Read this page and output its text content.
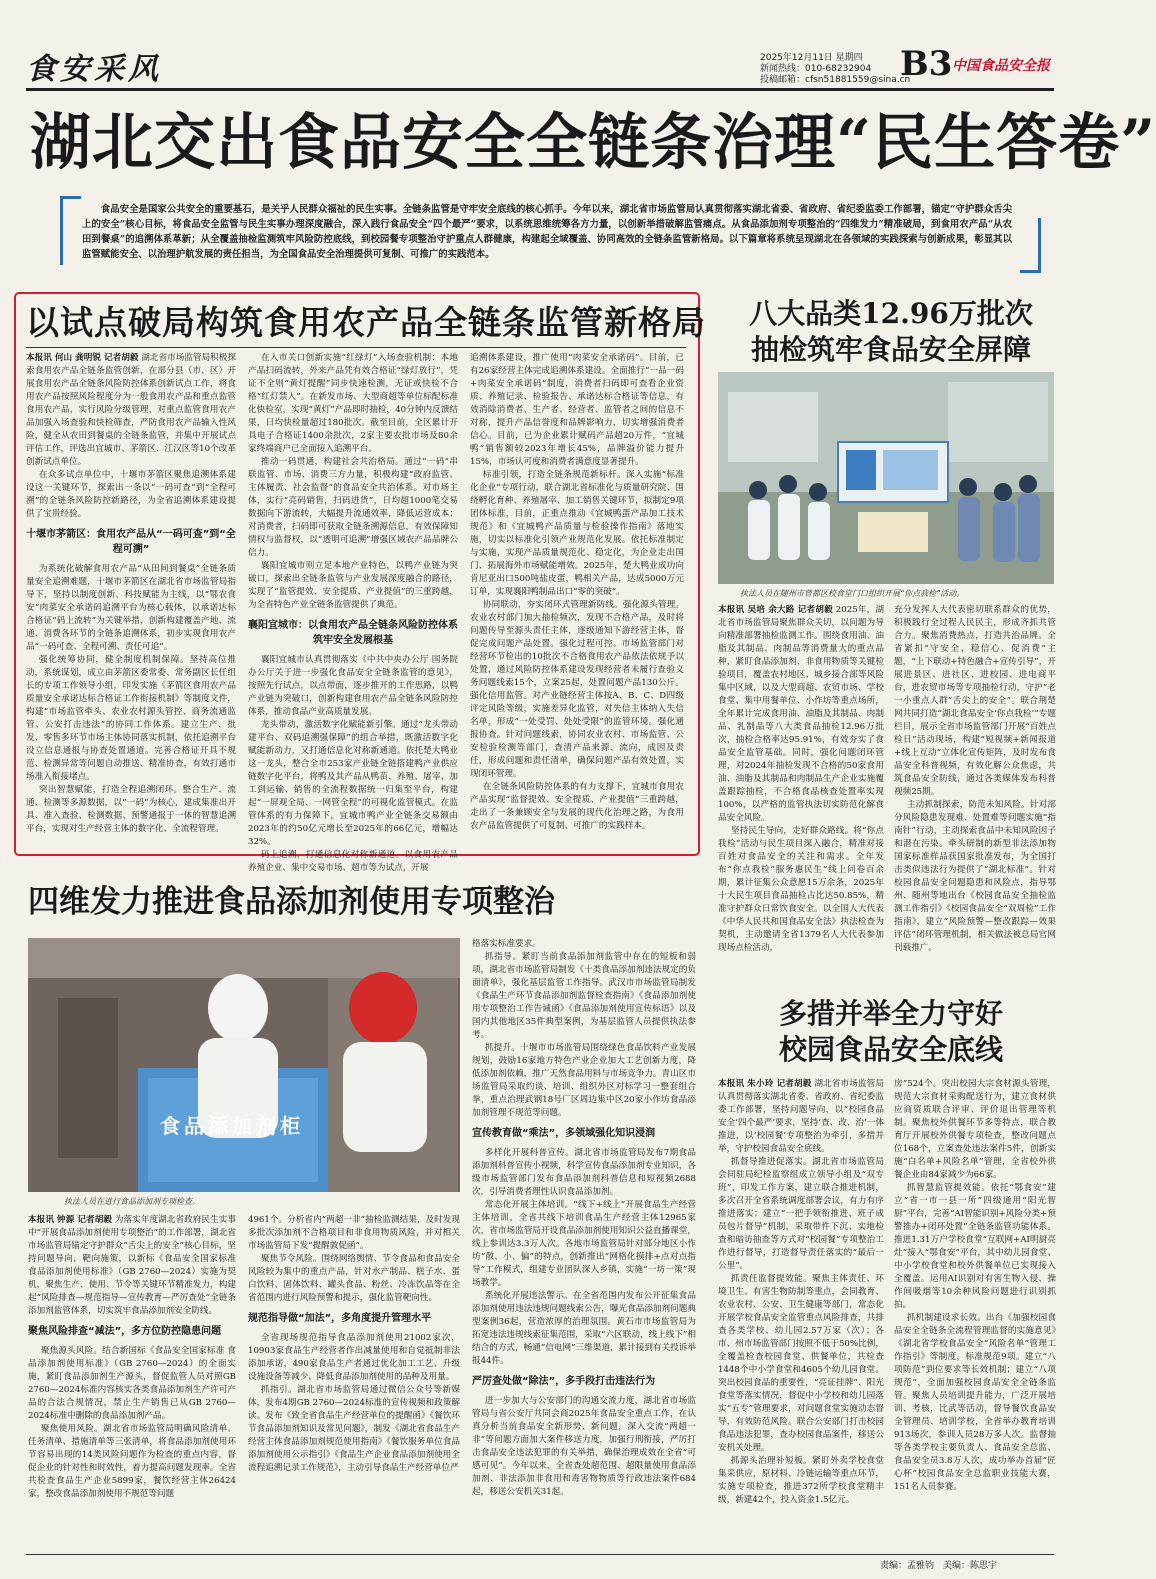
食安采风	2025年12月11日 星期四
新闻热线：010-68232904
投稿邮箱：cfsn51881559@sina.cn
B3 中国食品安全报
湖北交出食品安全全链条治理“民生答卷”

食品安全是国家公共安全的重要基石，是关乎人民群众福祉的民生实事。全链条监管是守牢安全底线的核心抓手。今年以来，湖北省市场监管局认真贯彻落实湖北省委、省政府、省纪委监委工作部署，锚定“守护群众舌尖上的安全”核心目标，将食品安全监管与民生实事办理深度融合，深入践行食品安全“四个最严”要求，以系统思维统筹各方力量，以创新举措破解监管痛点。从食品添加剂专项整治的“四维发力”精准破局，到食用农产品“从农田到餐桌”的追溯体系革新；从全覆盖抽检监测筑牢风险防控底线，到校园餐专项整治守护重点人群健康，构建起全域覆盖、协同高效的全链条监管新格局。以下篇章将系统呈现湖北在各领域的实践探索与创新成果，彰显其以监管赋能安全、以治理护航发展的责任担当，为全国食品安全治理提供可复制、可推广的实践范本。

以试点破局构筑食用农产品全链条监管新格局

本报讯 何山 龚明锐 记者胡毅 湖北省市场监管局积极探索食用农产品全链条监管创新，在部分县（市、区）开展食用农产品全链条风险防控体系创新试点工作，将食用农产品按照风险程度分为一般食用农产品和重点监管食用农产品，实行风险分级管理，对重点监管食用农产品加强入场查验和快检筛查，严防食用农产品输入性风险，健全从农田到餐桌的全链条监管，并集中开展试点评估工作，评选出宜城市、茅箭区、江汉区等10个改革创新试点单位。

在众多试点单位中，十堰市茅箭区聚焦追溯体系建设这一关键环节，探索出一条以“一码可查”到“全程可溯”的全链条风险防控新路径，为全省追溯体系建设提供了宝贵经验。

十堰市茅箭区：食用农产品从“一码可查”到“全程可溯”

为系统化破解食用农产品“从田间到餐桌”全链条质量安全追溯难题，十堰市茅箭区在湖北省市场监管局指导下，坚持以制度创新、科技赋能为主线，以“鄂农食安”肉菜安全承诺码追溯平台为核心载体，以承诺达标合格证“码上流转”为关键举措，创新构建覆盖产地、流通、消费各环节的全链条追溯体系，初步实现食用农产品“一码可查、全程可溯、责任可追”。

强化统筹协同，健全制度机制保障。坚持高位推动，系统谋划，成立由茅箭区委常委、常务副区长任组长的专项工作领导小组，印发实施《茅箭区食用农产品质量安全承诺达标合格证工作衔接机制》等制度文件，构建“市场监管牵头、农业农村源头管控、商务流通监管、公安打击违法”的协同工作体系。建立生产、批发、零售多环节市场主体协同落实机制，依托追溯平台设立信息通报与协查处置通道。完善合格证开具不规范、检测异常等问题自动推送、精准协查，有效打通市场准入衔接堵点。

突出智慧赋能，打造全程追溯闭环。整合生产、流通、检测等多源数据，以“一码”为核心，建成集准出开具、准入查验、检测数据、预警通报于一体的智慧追溯平台，实现对生产经营主体的数字化、全流程管理。

在入市关口创新实施“红绿灯”入场查验机制：本地产品扫码流转，外来产品凭有效合格证“绿灯放行”，凭证不全则“黄灯提醒”同步快速检测，无证或快检不合格“红灯禁入”。在新发市场、大型商超等单位标配标准化快检室，实现“黄灯”产品即时抽检，40分钟内反馈结果，日均快检量超过180批次。截至目前，全区累计开具电子合格证1400余批次，2家主要农批市场及80余家终端商户已全面接入追溯平台。

推动一码贯通，构建社会共治格局。通过“一码”串联监管、市场、消费三方力量，积极构建“政府监管、主体履责、社会监督”的食品安全共治体系。对市场主体，实行“亮码销售，扫码进货”，日均超1000笔交易数据向下游流转，大幅提升流通效率，降低运营成本；对消费者，扫码即可获取全链条溯源信息，有效保障知情权与监督权，以“透明可追溯”增强区域农产品品牌公信力。

襄阳宜城市则立足本地产业特色，以鸭产业链为突破口，探索出全链条监管与产业发展深度融合的路径，实现了“监管提效、安全提质、产业提值”的三重跨越，为全省特色产业全链条监管提供了典范。

襄阳宜城市：以食用农产品全链条风险防控体系筑牢安全发展根基

襄阳宜城市认真贯彻落实《中共中央办公厅 国务院办公厅关于进一步强化食品安全全链条监管的意见》，按照先行试点，以点带面，逐步推开的工作思路，以鸭产业链为突破口，创新构建食用农产品全链条风险防控体系，推动食品产业高质量发展。

龙头带动，激活数字化赋能新引擎。通过“龙头带动建平台、双码追溯强保障”的组合举措，既激活数字化赋能新动力，又打通信息化对称新通道。依托楚大鸭业这一龙头，整合全市253家产业链全链搭建鸭产业供应链数字化平台，将鸭及其产品从鸭苗、养殖、屠宰、加工到运输、销售的全流程数据统一归集至平台，构建起“一屏观全局、一网管全程”的可视化监管模式。在监管体系的有力保障下，宜城市鸭产业全链条交易额由2023年的约50亿元增长至2025年的66亿元，增幅达32%。

码上追溯，打通信息化对称新通道。以食用农产品养殖企业、集中交易市场、超市等为试点，开展

追溯体系建设，推广使用“肉菜安全承诺码”。目前，已有26家经营主体完成追溯体系建设。全面推行“一品一码+肉菜安全承诺码”制度，消费者扫码即可查看企业资质、养殖记录、检验报告、承诺达标合格证等信息，有效消除消费者、生产者、经营者、监管者之间的信息不对称，提升产品信誉度和品牌影响力，切实增强消费者信心。目前，已为企业累计赋码产品超20万件，“宜城鸭”销售额较2023年增长45%，品牌溢价能力提升15%，市场认可度和消费者满意度显著提升。

标准引领，打造全链条规范新标杆。深入实施“标准化企业”专项行动，联合湖北省标准化与质量研究院、围绕孵化育种、养殖屠宰、加工销售关键环节，拟制定9项团体标准，目前，正重点推动《宜城鸭蛋产品加工技术规范》和《宜城鸭产品质量与检验操作指南》落地实施，切实以标准化引领产业规范化发展。依托标准制定与实施，实现产品质量规范化、稳定化，为企业走出国门、拓展海外市场赋能增效。2025年，楚大鸭业成功向肯尼亚出口500吨盐皮蛋，鸭相关产品，达成5000万元订单，实现襄阳鸭制品出口“零的突破”。

协同联动，夯实闭环式管理新防线。强化源头管理。农业农村部门加大抽检频次，发现不合格产品，及时将问题传导至源头责任主体，逐级通知下游经营主体，督促完成问题产品处置。强化过程可控。市场监管部门对经营环节检出的10批次不合格食用农产品依法依规予以处置，通过风险防控体系建设发现经营者未履行查验义务问题线索15个，立案25起，处置问题产品130公斤。强化信用监管。对产业链经营主体按A、B、C、D四级评定风险等级，实施差异化监管，对失信主体纳入失信名单，形成“一处受罚、处处受限”的监管环境。强化通报协查。针对问题线索，协同农业农村、市场监管、公安检验检测等部门，查清产品来源、流向，成因及责任，形成问题和责任清单，确保问题产品有效处置，实现闭环管理。

在全链条风险防控体系的有力支撑下，宜城市食用农产品实现“监督提效、安全提质、产业提值”三重跨越，走出了一条兼顾安全与发展的现代化治理之路，为食用农产品监管提供了可复制、可推广的实践样本。

八大品类12.96万批次
抽检筑牢食品安全屏障
执法人员在随州市曾都区校食堂门口组织开展“你点我检”活动。

本报讯 吴培 余大路 记者胡毅 2025年，湖北省市场监管局聚焦群众关切，以问题为导向精准部署抽检监测工作。围绕食用油、油脂及其制品、肉制品等消费量大的重点品种，紧盯食品添加剂、非食用物质等关键检验项目，覆盖农村地区、城乡接合部等风险集中区域，以及大型商超、农贸市场、学校食堂、集中用餐单位、小作坊等重点场所，全年累计完成食用油、油脂及其制品、肉制品、乳制品等八大类食品抽检12.96万批次，抽检合格率达95.91%，有效夯实了食品安全监管基础。同时，强化问题闭环管理，对2024年抽检发现不合格的50家食用油、油脂及其制品和肉制品生产企业实施覆盖跟踪抽检，不合格食品核查处置率实现100%，以严格的监管执法切实防范化解食品安全风险。

坚持民生导向，走好群众路线。将“你点我检”活动与民生项目深入融合，精准对接百姓对食品安全的关注和需求。全年发布“你点我检”服务惠民生“线上问卷百余期，累计征集公众意愿15万余条，2025年十大民生项目食品抽检占比达50.85%，精准守护群众日常饮食安全。以全国人大代表《中华人民共和国食品安全法》执法检查为契机，主动邀请全省1379名人大代表参加现场点检活动，

充分发挥人大代表密切联系群众的优势，积极践行全过程人民民主，形成齐抓共管合力。聚焦消费热点，打造共治品牌。全省紧扣“守安全、稳信心、促消费”主题，“上下联动+特色融合+宣传引导”，开展进景区、进社区、进校园、进电商平台，进农贸市场等专项抽检行动，守护“老一小重点人群”舌尖上的安全”。联合荆楚网共同打造“湖北食品安全‘你点我检’”专题栏目，展示全省市场监管部门开展“百姓点检日”活动现场，构建“短视频+新闻报道+线上互动”立体化宣传矩阵，及时发布食品安全科普视频，有效化解公众焦虑，共筑食品安全防线，通过各类媒体发布科普视频25期。

主动抓制探索，防范未知风险。针对部分风险隐患发现难、处置难等问题实施“指南针”行动，主动探索食品中未知风险因子和潜在污染。牵头研制的新型非法添加物国家标准样品获国家批准发布，为全国打击类似违法行为提供了“湖北标准”。针对校园食品安全问题隐患和风险点，指导鄂州、随州等地出台《校园食品安全抽检监测工作指引》《校园食品安全“双周检”工作指南》，建立“风险预警—整改跟踪—效果评估”闭环管理机制，相关做法被总局官网刊载推广。

四维发力推进食品添加剂使用专项整治
食品添加剂柜
执法人员在进行食品添加剂专项检查。

本报讯 钟源 记者胡毅 为落实年度湖北省政府民生实事中“开展食品添加剂使用专项整治”的工作部署，湖北省市场监管局锚定守护群众“舌尖上的安全”核心目标，坚持问题导向，靶向施策，以新标《食品安全国家标准 食品添加剂使用标准》（GB 2760—2024）实施为契机，聚焦生产、使用、节令等关键环节精准发力，构建起“风险排查—规范指导—宣传教育—严厉查处”全链条添加剂监管体系，切实筑牢食品添加剂安全防线。

聚焦风险排查“减法”，多方位防控隐患问题

聚焦源头风险。结合新国标《食品安全国家标准 食品添加剂使用标准》（GB 2760—2024）的全面实施，紧盯食品添加剂生产源头，督促监管人员对照GB 2760—2024标准内容核实各类食品添加剂生产许可产品的合法合规情况，禁止生产销售已从GB 2760—2024标准中删除的食品添加剂产品。

聚焦使用风险。湖北省市场监管局明确风险清单、任务清单、措施清单等三张清单，将食品添加剂使用环节容易出现的14类风险问题作为检查的重点内容，督促企业的针对性和时效性，着力提高问题发现率。全省共检查食品生产企业5899家，餐饮经营主体26424家，整改食品添加剂使用不规范等问题

4961个。分析省内“两超一非”抽检监测结果，及时发现多批次添加剂不合格项目和非食用物质风险，并对相关市场监管局下发“提醒敦促函”。

聚焦节令风险。围绕网络舆情、节令食品和食品安全风险较为集中的重点产品，针对水产制品、糕子水、蛋白饮料、固体饮料、罐头食品、粉丝、冷冻饮品等在全省范围内进行风险预警和提示，强化监管靶向性。

规范指导做“加法”，多角度提升管理水平

全省现场规范指导食品添加剂使用21002家次，10903家食品生产经营者作出减量使用和自觉抵制非法添加承诺，490家食品生产者通过优化加工工艺、升级设施设备等减少、降低食品添加剂使用的品种及用量。

抓指引。湖北省市场监管局通过微信公众号等新媒体，发布4期GB 2760—2024标准的宣传视频和政策解读。发布《致全省食品生产经营单位的提醒函》《餐饮环节食品添加剂知识及常见问题》，制发《湖北省食品生产经营主体食品添加剂规范使用指南》《餐饮服务单位食品添加剂使用公示指引》《食品生产企业食品添加剂使用全流程追溯记录工作规范》，主动引导食品生产经营单位严

格落实标准要求。

抓指导。紧盯当前食品添加剂监管中存在的短板和弱项，湖北省市场监管局制发《十类食品添加剂违法规定的负面清单》，强化基层监管工作指导。武汉市市场监管局制发《食品生产环节食品添加剂监督检查指南》《食品添加剂使用专项整治工作告诫函》《食品添加剂使用宣传标语》以及国内其他地区35件典型案例，为基层监管人员提供执法参考。

抓提升。十堰市市场监管局围绕绿色食品饮料产业发展规划，鼓励16家地方特色产业企业加大工艺创新力度，降低添加剂依赖，推广天然食品用料与市场竞争力。青山区市场监管局采取约谈、培训、组织外区对标学习一整套组合拳，重点治理武钢18号厂区周边集中区20家小作坊食品添加剂管理不规范等问题。

宣传教育做“乘法”，多领域强化知识浸润

多样化开展科普宣传。湖北省市场监管局发布7期食品添加剂科普宣传小视频，科学宣传食品添加剂专业知识，各级市场监管部门发布食品添加剂科普信息和短视频2688次，引导消费者理性认识食品添加剂。

常态化开展主体培训。“线下+线上”开展食品生产经营主体培训，全省共线下培训食品生产经营主体12965家次，省市场监管局开设食品添加剂使用知识公益直播课堂，线上参训达3.3万人次。各地市场监管局针对部分地区小作坊“散、小、偏”的特点，创新推出“网格化摸排+点对点指导”工作模式，组建专业团队深入乡镇，实施“一坊一策”现场教学。

系统化开展违法警示。在全省范围内发布公开征集食品添加剂使用违法违规问题线索公告，曝光食品添加剂问题典型案例36起，营造浓厚的治理氛围。黄石市市场监管局为拓宽违法违规线索征集范围，采取“六区联动，线上线下”相结合的方式，畅通“信电网”三维渠道，累计接到有关投诉举报44件。

严厉查处做“除法”，多手段打击违法行为

进一步加大与公安部门的沟通交流力度，湖北省市场监管局与省公安厅共同会商2025年食品安全重点工作，在认真分析当前食品安全新形势、新问题，深入交流“两超一非”等问题方面加大案件移送力度，加强行刑衔接，严厉打击食品安全违法犯罪的有关举措，确保治理成效在全省“可感可见”。今年以来，全省查处超范围、超限量使用食品添加剂、非法添加非食用和毒害物物质等行政违法案件684起，移送公安机关31起。

多措并举全力守好
校园食品安全底线

本报讯 朱小玲 记者胡毅 湖北省市场监管局认真贯彻落实湖北省委、省政府、省纪委监委工作部署，坚持问题导向，以“校园食品安全‘四个最严’要求，坚持‘查、改、治’一体推进，以‘校园餐’专项整治为牵引，多措并举，守护校园食品安全底线。

抓督导推进促落实。湖北省市场监管局会同驻局纪检监察组成立领导小组及“双专班”，印发工作方案，建立联合推进机制，多次召开全省系统调度部署会议，有力有序推进落实；建立“一把手领衔推进、班子成员包片督导”机制，采取带件下沉、实地检查和暗访抽查等方式对“校园餐”专项整治工作进行督导，打造督导责任落实的“最后一公里”。

抓责任监督提效能。聚焦主体责任、环境卫生、有害生物防制等重点，会同教育、农业农村、公安、卫生健康等部门，常态化开展学校食品安全监管重点风险排查，共排查各类学校、幼儿园2.57万家（次）；各市、州市场监管部门按照不低于50%比例，全覆盖检查校园食堂、供餐单位，共检查1448个中小学食堂和4605个幼儿园食堂。突出校园食品的重要性，“亮证挂牌”、阳光食堂等落实情况，督促中小学校和幼儿园落实“五专”管理要求，对问题食堂实施动态督导，有效防范风险。联合公安部门打击校园食品违法犯罪，查办校园食品案件，移送公安机关处理。

抓源头治理补短板。紧盯外卖学校食堂集采供应，原材料、冷链运输等重点环节，实施专项检查，推进372所学校食堂精丰级，新建42个，投入资金1.5亿元。

房”524个。突出校园大宗食材源头管理，规范大宗食材采购配送行为，建立食材供应商资质联合评审、评价退出管理等机制。聚焦校外供餐环节多等特点，联合教育厅开展校外供餐专项检查，整改问题点位168个，立案查处违法案件5件，创新实施“白名单+风险名单”管理，全省校外供餐企业由84家减少为66家。

抓智慧监管提效能。依托“鄂食安”建立“省一市一县一所”四级通用“阳光智厨”平台，完善“AI智能识别+风险分类+预警推办+闭环处置”全链条监管功能体系。推进1.31万户学校食堂“互联网+AI明厨亮灶”接入“鄂食安”平台，其中幼儿园食堂、中小学校食堂和校外供餐单位已实现接入全覆盖。运用AI识别对有害生物入侵、操作间吸烟等10余种风险问题进行识别抓拍。

抓机制建设求长效。出台《加强校园食品安全全链条全流程管理监督的实施意见》《湖北省学校食品安全“风险名单”管理工作指引》等制度，标准规范9项。建立“八项防范”到位要求等长效机制；建立“八项规范”，全面加强校园食品安全全链条监管。聚焦人员培训提升能力，广泛开展培训、考核，比武等活动，督导餐饮食品安全管理员、培训学校，全省举办教育培训913场次，参训人员28万多人次。监督抽等各类学校主要负责人、食品安全总监、食品安全员3.8万人次，成功举办首届“匠心杯”校园食品安全总监职业技能大赛，151名人员参赛。

责编：孟雅钧　美编：陈思宇
